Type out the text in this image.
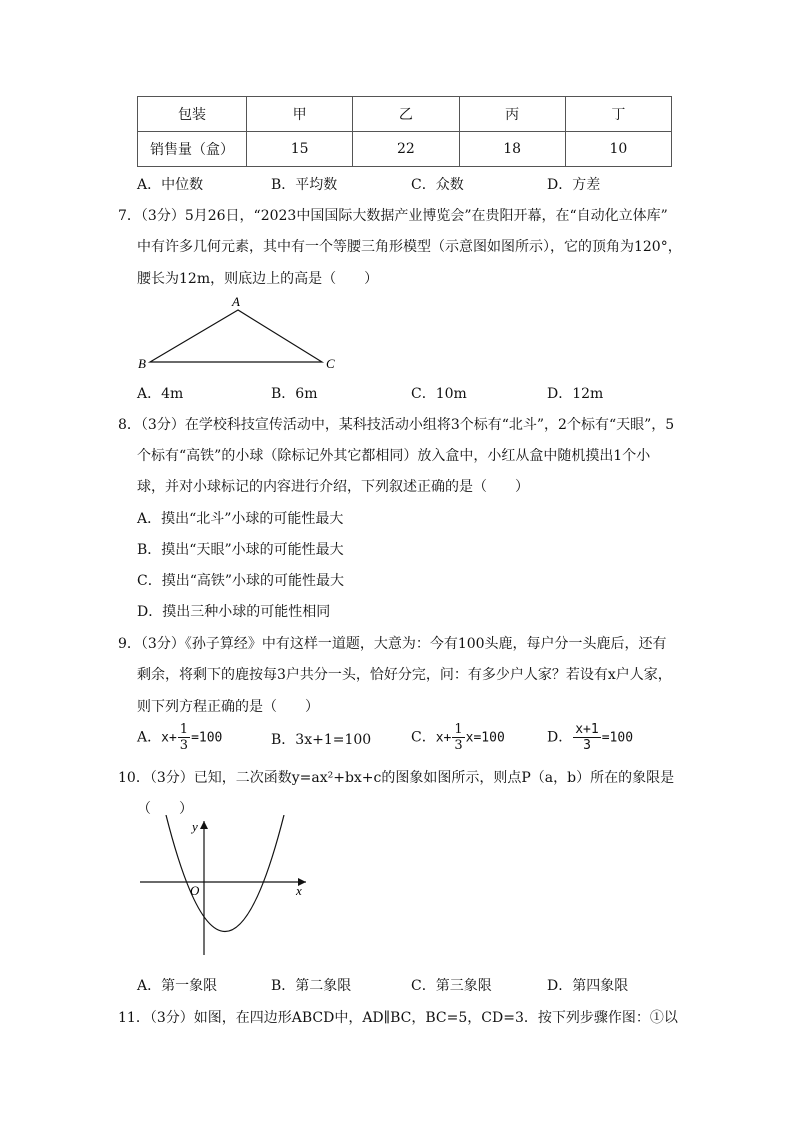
包装	甲	乙	丙	丁
销售量（盒）	15	22	18	10
A．中位数	B．平均数	C．众数	D．方差
7．（3分）5月26日，“2023中国国际大数据产业博览会”在贵阳开幕，在“自动化立体库”
中有许多几何元素，其中有一个等腰三角形模型（示意图如图所示），它的顶角为120°，
腰长为12m，则底边上的高是（　　）
A
B	C
A．4m	B．6m	C．10m	D．12m
8．（3分）在学校科技宣传活动中，某科技活动小组将3个标有“北斗”，2个标有“天眼”，5
个标有“高铁”的小球（除标记外其它都相同）放入盒中，小红从盒中随机摸出1个小
球，并对小球标记的内容进行介绍，下列叙述正确的是（　　）
A．摸出“北斗”小球的可能性最大
B．摸出“天眼”小球的可能性最大
C．摸出“高铁”小球的可能性最大
D．摸出三种小球的可能性相同
9．（3分）《孙子算经》中有这样一道题，大意为：今有100头鹿，每户分一头鹿后，还有
剩余，将剩下的鹿按每3户共分一头，恰好分完，问：有多少户人家？若设有x户人家，
则下列方程正确的是（　　）
A．$x+ \frac{1}{3} =100$	B．3x+1=100	C．$x+ \frac{1}{3} x=100$	D． $\frac{x+1}{3} =100$
10．（3分）已知，二次函数y=ax²+bx+c的图象如图所示，则点P（a，b）所在的象限是
（　　）
y
x
O
A．第一象限	B．第二象限	C．第三象限	D．第四象限
11．（3分）如图，在四边形ABCD中，AD∥BC，BC=5，CD=3．按下列步骤作图：①以
